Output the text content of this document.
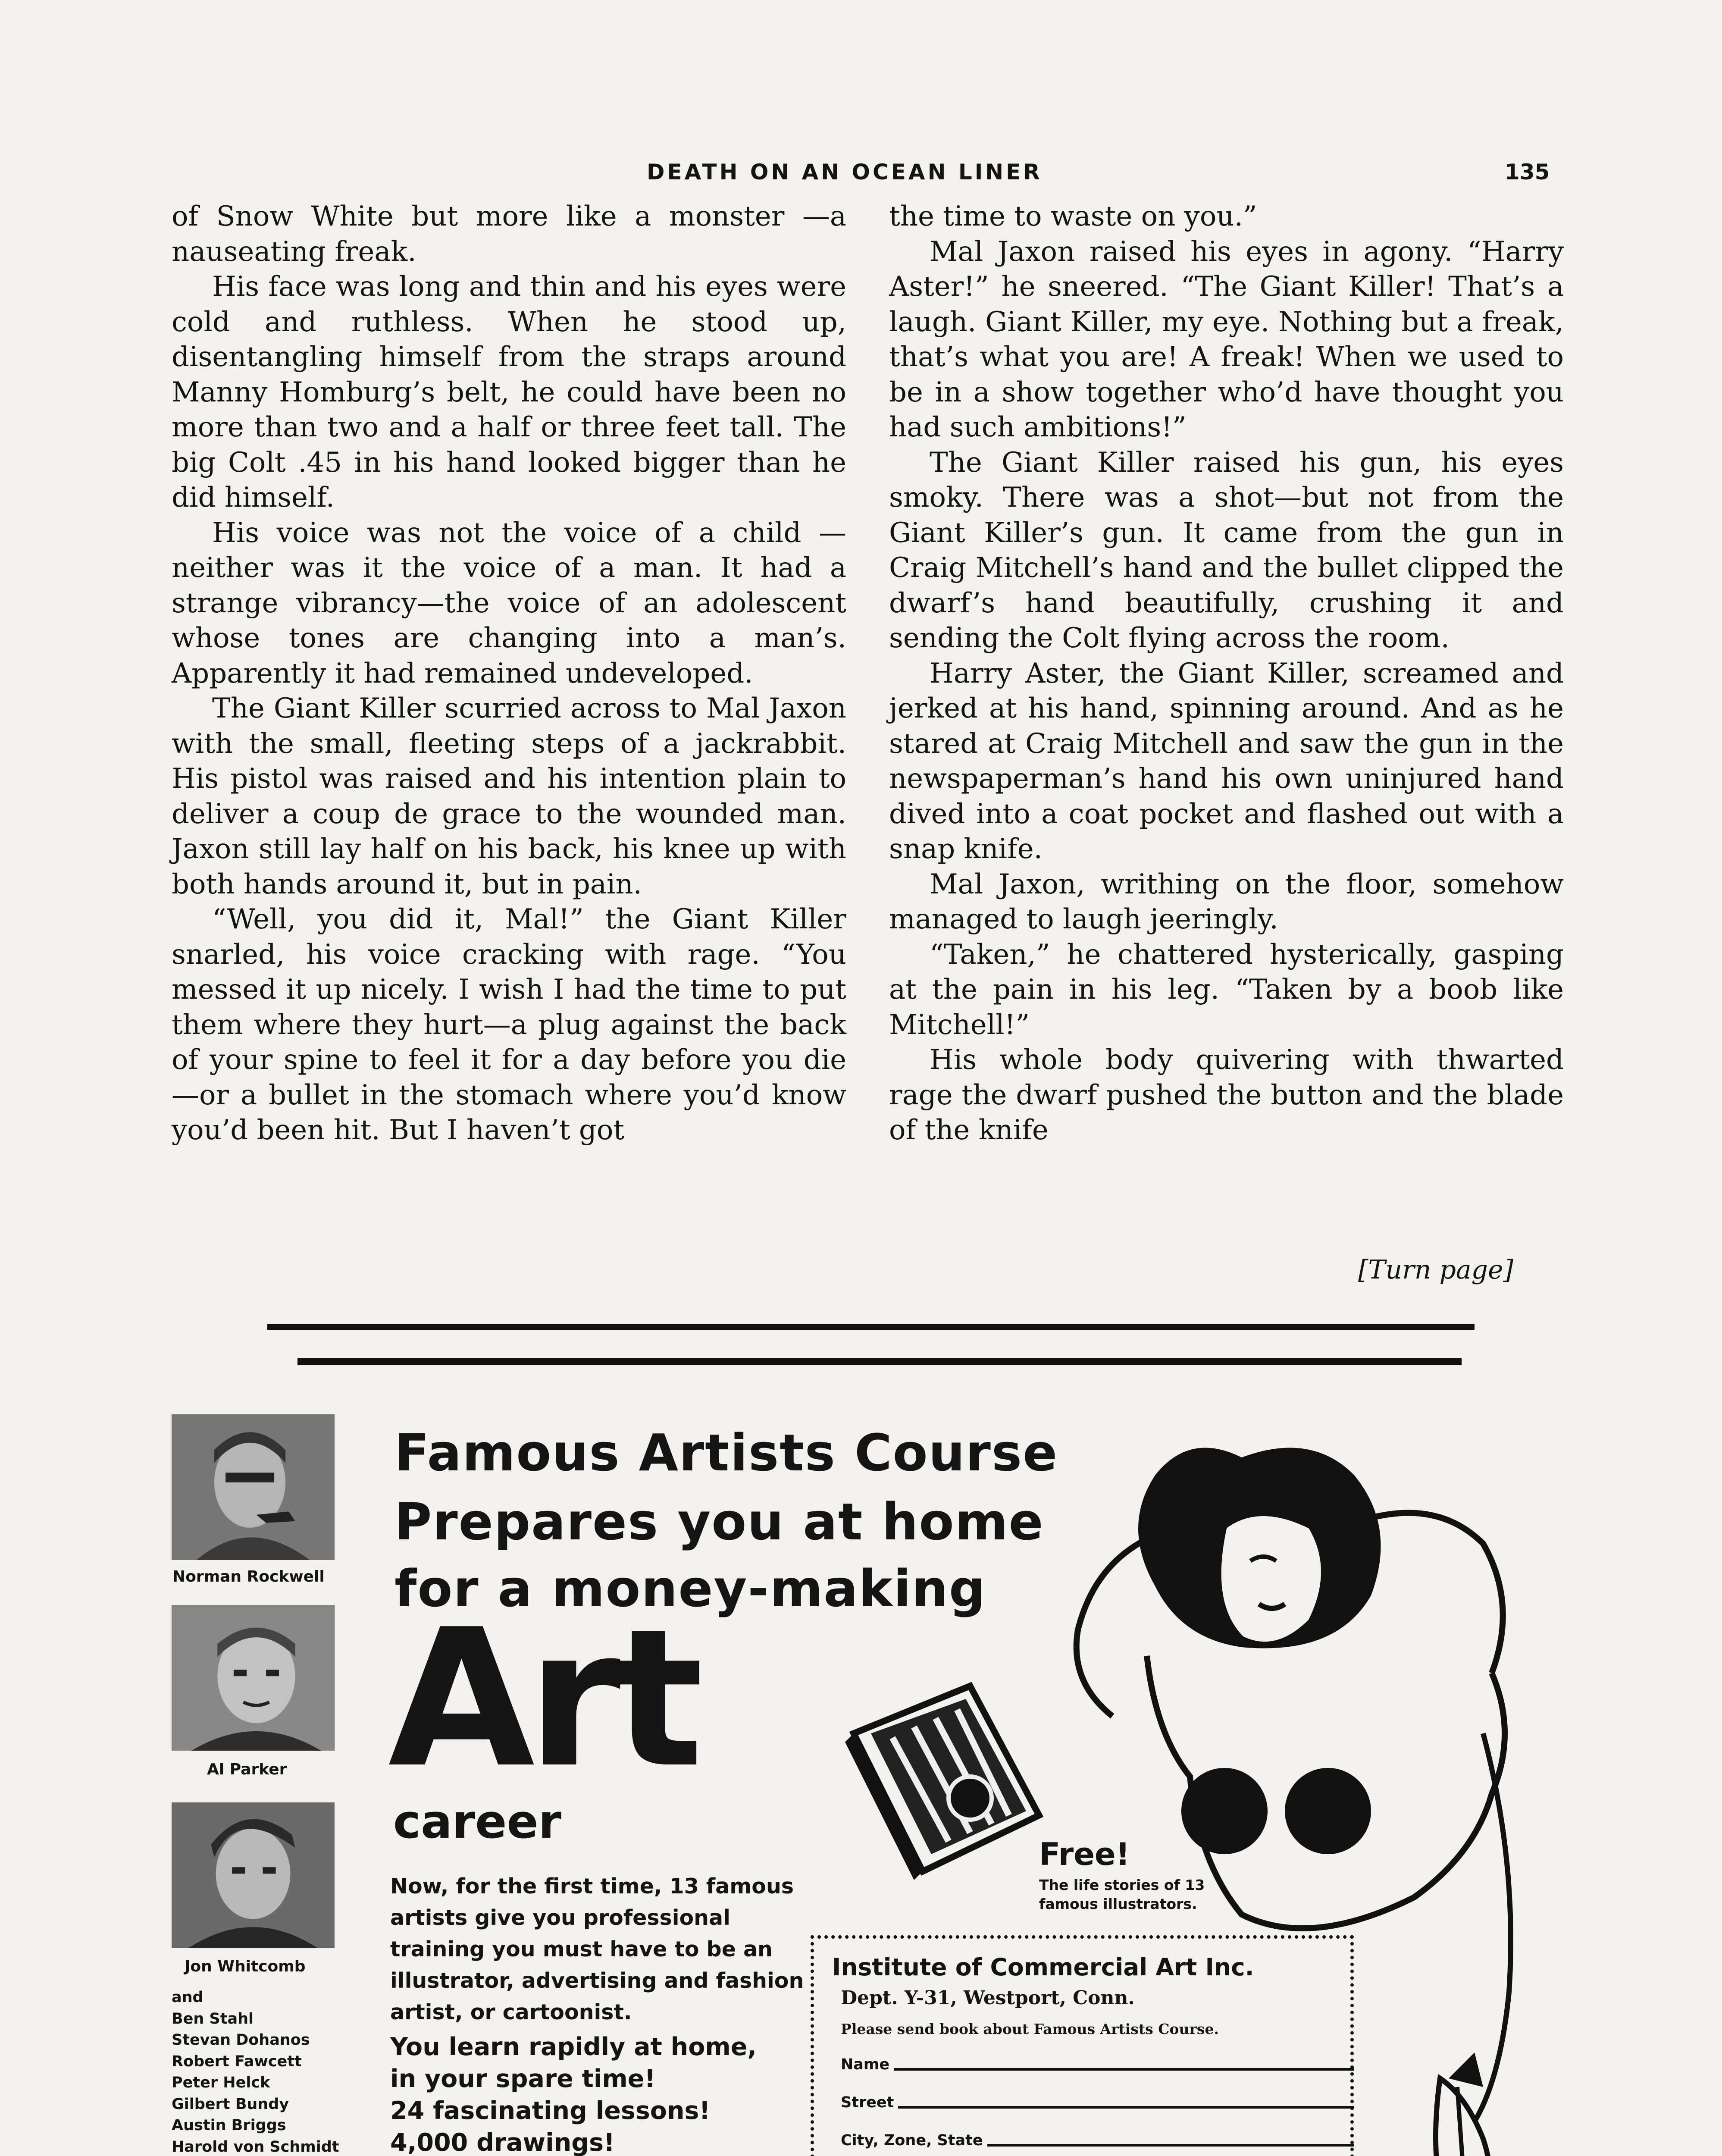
DEATH ON AN OCEAN LINER	135

of Snow White but more like a monster —a nauseating freak.

His face was long and thin and his eyes were cold and ruthless. When he stood up, disentangling himself from the straps around Manny Homburg’s belt, he could have been no more than two and a half or three feet tall. The big Colt .45 in his hand looked bigger than he did himself.

His voice was not the voice of a child —neither was it the voice of a man. It had a strange vibrancy—the voice of an adolescent whose tones are changing into a man’s. Apparently it had remained undeveloped.

The Giant Killer scurried across to Mal Jaxon with the small, fleeting steps of a jackrabbit. His pistol was raised and his intention plain to deliver a coup de grace to the wounded man. Jaxon still lay half on his back, his knee up with both hands around it, but in pain.

“Well, you did it, Mal!” the Giant Killer snarled, his voice cracking with rage. “You messed it up nicely. I wish I had the time to put them where they hurt—a plug against the back of your spine to feel it for a day before you die —or a bullet in the stomach where you’d know you’d been hit. But I haven’t got

the time to waste on you.”

Mal Jaxon raised his eyes in agony. “Harry Aster!” he sneered. “The Giant Killer! That’s a laugh. Giant Killer, my eye. Nothing but a freak, that’s what you are! A freak! When we used to be in a show together who’d have thought you had such ambitions!”

The Giant Killer raised his gun, his eyes smoky. There was a shot—but not from the Giant Killer’s gun. It came from the gun in Craig Mitchell’s hand and the bullet clipped the dwarf’s hand beautifully, crushing it and sending the Colt flying across the room.

Harry Aster, the Giant Killer, screamed and jerked at his hand, spinning around. And as he stared at Craig Mitchell and saw the gun in the newspaperman’s hand his own uninjured hand dived into a coat pocket and flashed out with a snap knife.

Mal Jaxon, writhing on the floor, somehow managed to laugh jeeringly.

“Taken,” he chattered hysterically, gasping at the pain in his leg. “Taken by a boob like Mitchell!”

His whole body quivering with thwarted rage the dwarf pushed the button and the blade of the knife

[Turn page]
Norman Rockwell
Al Parker
Jon Whitcomb
and
Ben Stahl
Stevan Dohanos
Robert Fawcett
Peter Helck
Gilbert Bundy
Austin Briggs
Harold von Schmidt
Famous Artists Course
Prepares you at home
for a money-making
Art
career

Now, for the first time, 13 famous artists give you professional training you must have to be an illustrator, advertising and fashion artist, or cartoonist.

You learn rapidly at home,
in your spare time!
24 fascinating lessons!
4,000 drawings!
Free!
The life stories of 13 famous illustrators.
Institute of Commercial Art Inc.
Dept. Y-31, Westport, Conn.
Please send book about Famous Artists Course.
Name
Street
City, Zone, State
